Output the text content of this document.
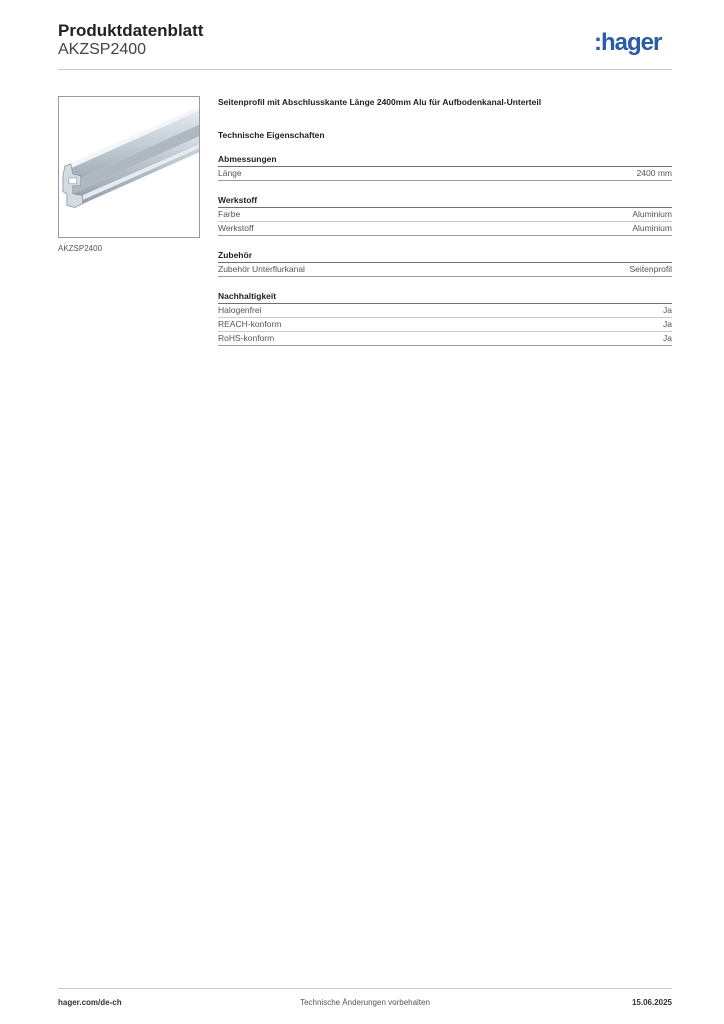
Produktdatenblatt
AKZSP2400	:hager
AKZSP2400
Seitenprofil mit Abschlusskante Länge 2400mm Alu für Aufbodenkanal-Unterteil
Technische Eigenschaften
Abmessungen
Länge	2400 mm
Werkstoff
Farbe	Aluminium
Werkstoff	Aluminium
Zubehör
Zubehör Unterflurkanal	Seitenprofil
Nachhaltigkeit
Halogenfrei	Ja
REACH-konform	Ja
RoHS-konform	Ja
hager.com/de-ch	Technische Änderungen vorbehalten	15.06.2025
